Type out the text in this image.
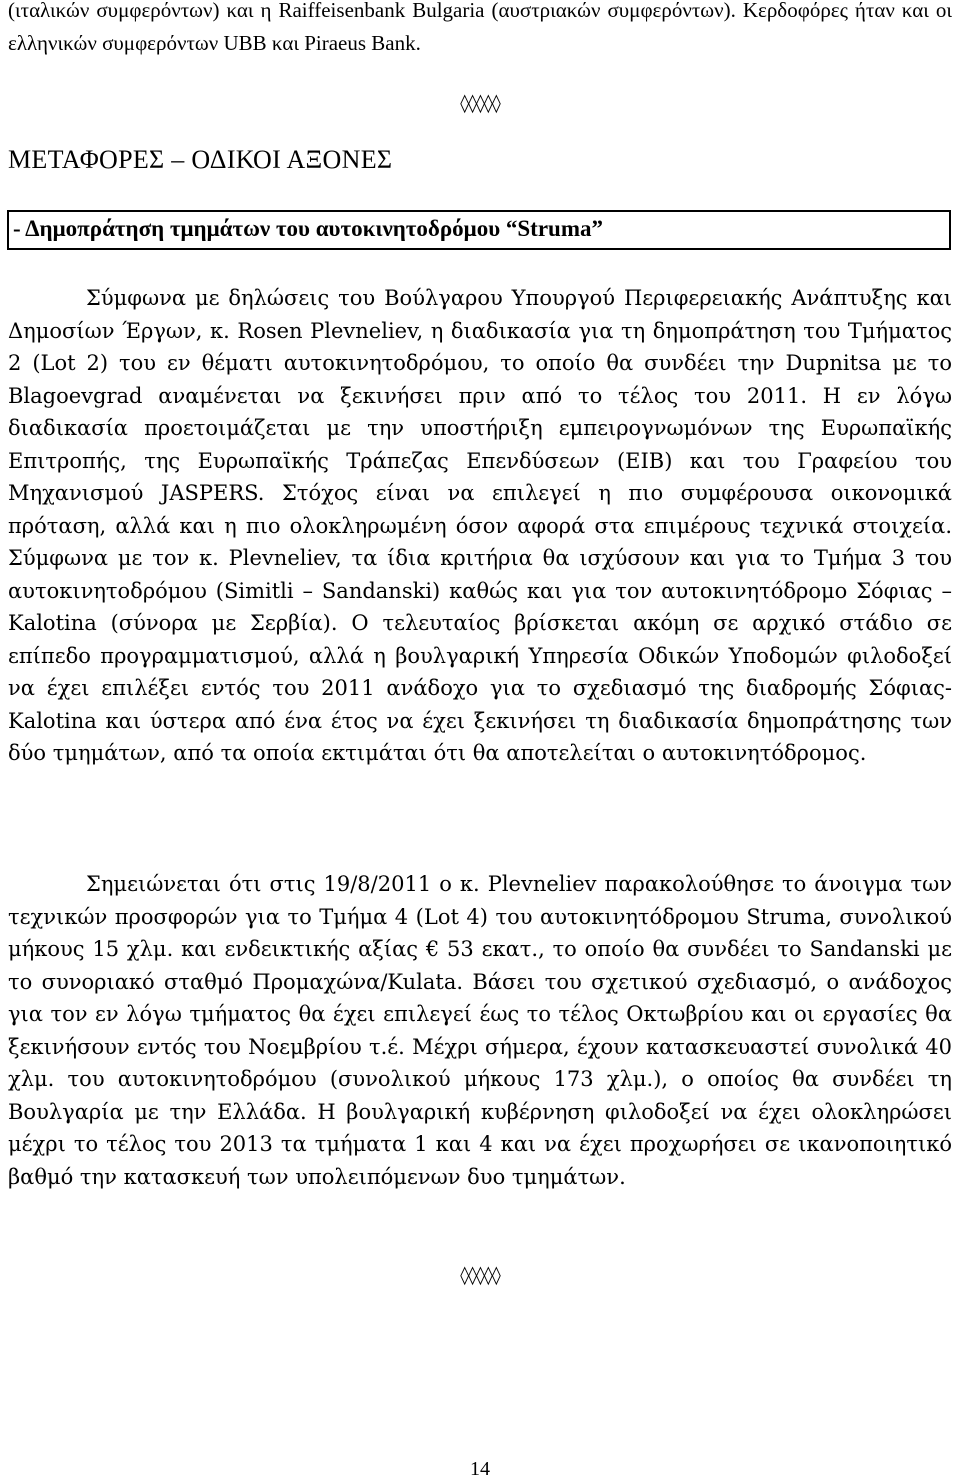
(ιταλικών συμφερόντων) και η Raiffeisenbank Bulgaria (αυστριακών συμφερόντων). Κερδοφόρες ήταν και οι ελληνικών συμφερόντων UBB και Piraeus Bank.

◊◊◊◊◊

ΜΕΤΑΦΟΡΕΣ – ΟΔΙΚΟΙ ΑΞΟΝΕΣ

- Δημοπράτηση τμημάτων του αυτοκινητοδρόμου “Struma”

Σύμφωνα με δηλώσεις του Βούλγαρου Υπουργού Περιφερειακής Ανάπτυξης και Δημοσίων Έργων, κ. Rosen Plevneliev, η διαδικασία για τη δημοπράτηση του Τμήματος 2 (Lot 2) του εν θέματι αυτοκινητοδρόμου, το οποίο θα συνδέει την Dupnitsa με το Blagoevgrad αναμένεται να ξεκινήσει πριν από το τέλος του 2011. Η εν λόγω διαδικασία προετοιμάζεται με την υποστήριξη εμπειρογνωμόνων της Ευρωπαϊκής Επιτροπής, της Ευρωπαϊκής Τράπεζας Επενδύσεων (ΕΙΒ) και του Γραφείου του Μηχανισμού JASPERS. Στόχος είναι να επιλεγεί η πιο συμφέρουσα οικονομικά πρόταση, αλλά και η πιο ολοκληρωμένη όσον αφορά στα επιμέρους τεχνικά στοιχεία. Σύμφωνα με τον κ. Plevneliev, τα ίδια κριτήρια θα ισχύσουν και για το Τμήμα 3 του αυτοκινητοδρόμου (Simitli – Sandanski) καθώς και για τον αυτοκινητόδρομο Σόφιας – Kalotina (σύνορα με Σερβία). Ο τελευταίος βρίσκεται ακόμη σε αρχικό στάδιο σε επίπεδο προγραμματισμού, αλλά η βουλγαρική Υπηρεσία Οδικών Υποδομών φιλοδοξεί να έχει επιλέξει εντός του 2011 ανάδοχο για το σχεδιασμό της διαδρομής Σόφιας-Kalotina και ύστερα από ένα έτος να έχει ξεκινήσει τη διαδικασία δημοπράτησης των δύο τμημάτων, από τα οποία εκτιμάται ότι θα αποτελείται ο αυτοκινητόδρομος.

Σημειώνεται ότι στις 19/8/2011 ο κ. Plevneliev παρακολούθησε το άνοιγμα των τεχνικών προσφορών για το Τμήμα 4 (Lot 4) του αυτοκινητόδρομου Struma, συνολικού μήκους 15 χλμ. και ενδεικτικής αξίας € 53 εκατ., το οποίο θα συνδέει το Sandanski με το συνοριακό σταθμό Προμαχώνα/Kulata. Βάσει του σχετικού σχεδιασμό, ο ανάδοχος για τον εν λόγω τμήματος θα έχει επιλεγεί έως το τέλος Οκτωβρίου και οι εργασίες θα ξεκινήσουν εντός του Νοεμβρίου τ.έ. Μέχρι σήμερα, έχουν κατασκευαστεί συνολικά 40 χλμ. του αυτοκινητοδρόμου (συνολικού μήκους 173 χλμ.), ο οποίος θα συνδέει τη Βουλγαρία με την Ελλάδα. Η βουλγαρική κυβέρνηση φιλοδοξεί να έχει ολοκληρώσει μέχρι το τέλος του 2013 τα τμήματα 1 και 4 και να έχει προχωρήσει σε ικανοποιητικό βαθμό την κατασκευή των υπολειπόμενων δυο τμημάτων.

◊◊◊◊◊

14
